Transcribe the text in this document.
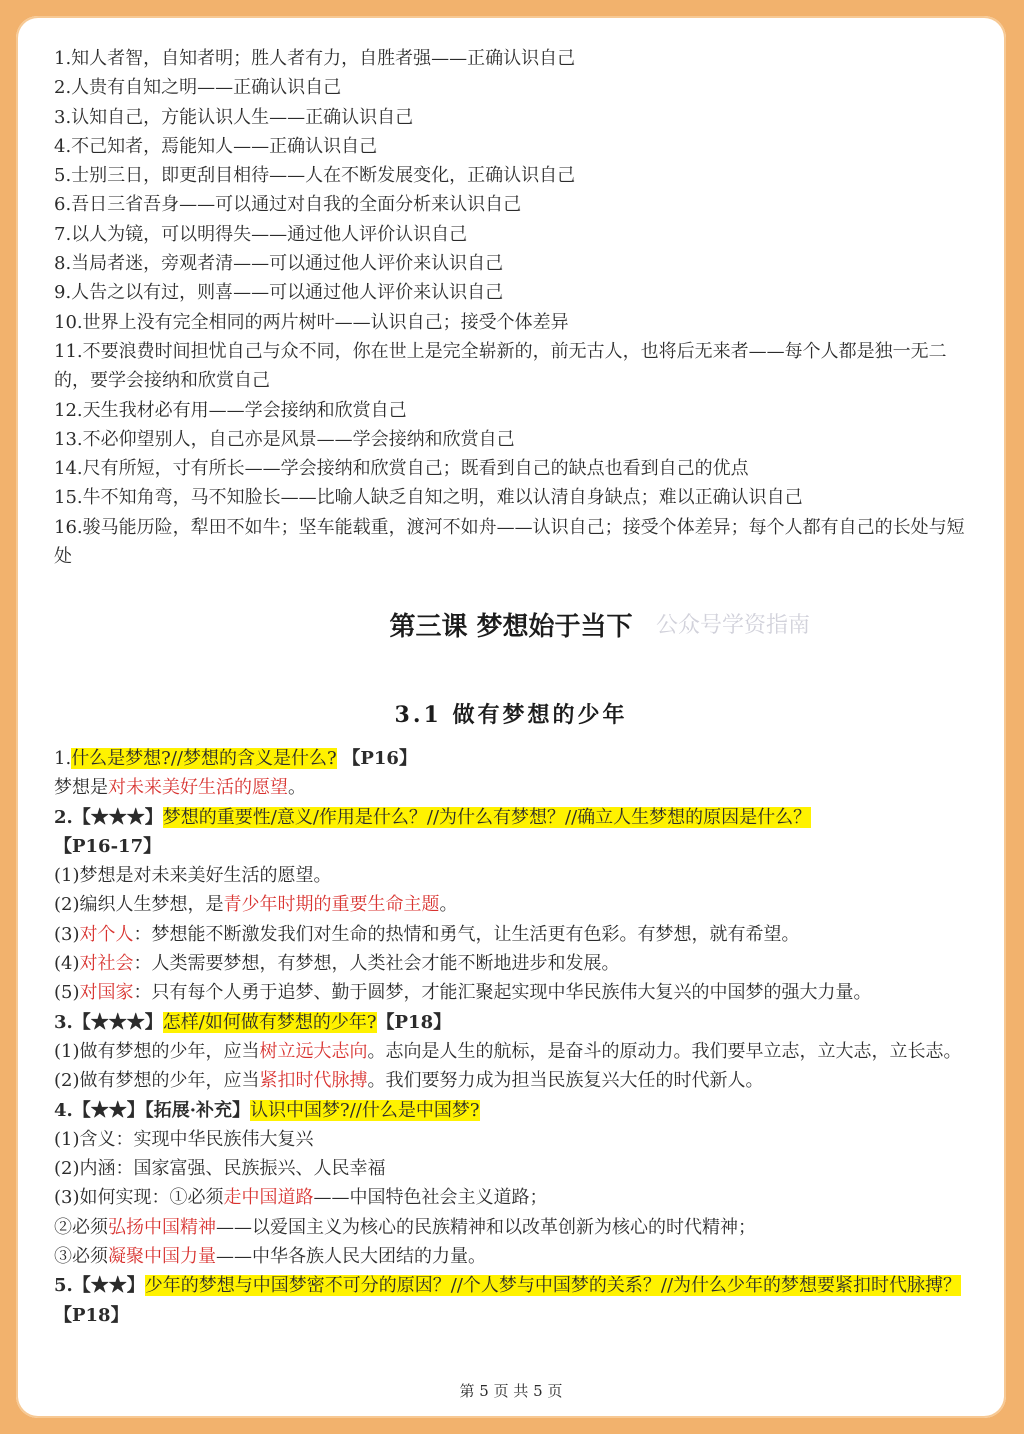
1.知人者智，自知者明；胜人者有力，自胜者强——正确认识自己
2.人贵有自知之明——正确认识自己
3.认知自己，方能认识人生——正确认识自己
4.不己知者，焉能知人——正确认识自己
5.士别三日，即更刮目相待——人在不断发展变化，正确认识自己
6.吾日三省吾身——可以通过对自我的全面分析来认识自己
7.以人为镜，可以明得失——通过他人评价认识自己
8.当局者迷，旁观者清——可以通过他人评价来认识自己
9.人告之以有过，则喜——可以通过他人评价来认识自己
10.世界上没有完全相同的两片树叶——认识自己；接受个体差异
11.不要浪费时间担忧自己与众不同，你在世上是完全崭新的，前无古人，也将后无来者——每个人都是独一无二的，要学会接纳和欣赏自己
12.天生我材必有用——学会接纳和欣赏自己
13.不必仰望别人，自己亦是风景——学会接纳和欣赏自己
14.尺有所短，寸有所长——学会接纳和欣赏自己；既看到自己的缺点也看到自己的优点
15.牛不知角弯，马不知脸长——比喻人缺乏自知之明，难以认清自身缺点；难以正确认识自己
16.骏马能历险，犁田不如牛；坚车能载重，渡河不如舟——认识自己；接受个体差异；每个人都有自己的长处与短处
第三课 梦想始于当下	公众号学资指南
3.1 做有梦想的少年
1.什么是梦想?//梦想的含义是什么? 【P16】
梦想是对未来美好生活的愿望。
2.【★★★】梦想的重要性/意义/作用是什么？//为什么有梦想？//确立人生梦想的原因是什么？
【P16-17】
(1)梦想是对未来美好生活的愿望。
(2)编织人生梦想，是青少年时期的重要生命主题。
(3)对个人：梦想能不断激发我们对生命的热情和勇气，让生活更有色彩。有梦想，就有希望。
(4)对社会：人类需要梦想，有梦想，人类社会才能不断地进步和发展。
(5)对国家：只有每个人勇于追梦、勤于圆梦，才能汇聚起实现中华民族伟大复兴的中国梦的强大力量。
3.【★★★】怎样/如何做有梦想的少年?【P18】
(1)做有梦想的少年，应当树立远大志向。志向是人生的航标，是奋斗的原动力。我们要早立志，立大志，立长志。
(2)做有梦想的少年，应当紧扣时代脉搏。我们要努力成为担当民族复兴大任的时代新人。
4.【★★】【拓展·补充】认识中国梦?//什么是中国梦?
(1)含义：实现中华民族伟大复兴
(2)内涵：国家富强、民族振兴、人民幸福
(3)如何实现：①必须走中国道路——中国特色社会主义道路；
②必须弘扬中国精神——以爱国主义为核心的民族精神和以改革创新为核心的时代精神；
③必须凝聚中国力量——中华各族人民大团结的力量。
5.【★★】少年的梦想与中国梦密不可分的原因？//个人梦与中国梦的关系？//为什么少年的梦想要紧扣时代脉搏？【P18】
第 5 页 共 5 页
